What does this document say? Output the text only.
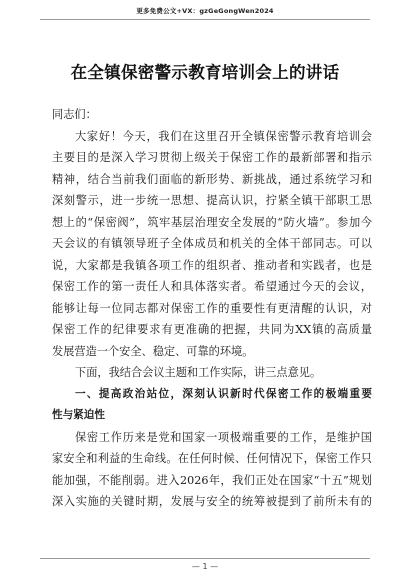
更多免费公文+VX：gzGeGongWen2024
在全镇保密警示教育培训会上的讲话
同志们：
大家好！今天，我们在这里召开全镇保密警示教育培训会
主要目的是深入学习贯彻上级关于保密工作的最新部署和指示
精神，结合当前我们面临的新形势、新挑战，通过系统学习和
深刻警示，进一步统一思想、提高认识，拧紧全镇干部职工思
想上的“保密阀”，筑牢基层治理安全发展的“防火墙”。参加今
天会议的有镇领导班子全体成员和机关的全体干部同志。可以
说，大家都是我镇各项工作的组织者、推动者和实践者，也是
保密工作的第一责任人和具体落实者。希望通过今天的会议，
能够让每一位同志都对保密工作的重要性有更清醒的认识，对
保密工作的纪律要求有更准确的把握，共同为XX镇的高质量
发展营造一个安全、稳定、可靠的环境。
下面，我结合会议主题和工作实际，讲三点意见。
一、提高政治站位，深刻认识新时代保密工作的极端重要
性与紧迫性
保密工作历来是党和国家一项极端重要的工作，是维护国
家安全和利益的生命线。在任何时候、任何情况下，保密工作只
能加强，不能削弱。进入2026年，我们正处在国家“十五”规划
深入实施的关键时期，发展与安全的统筹被提到了前所未有的
— 1 —
